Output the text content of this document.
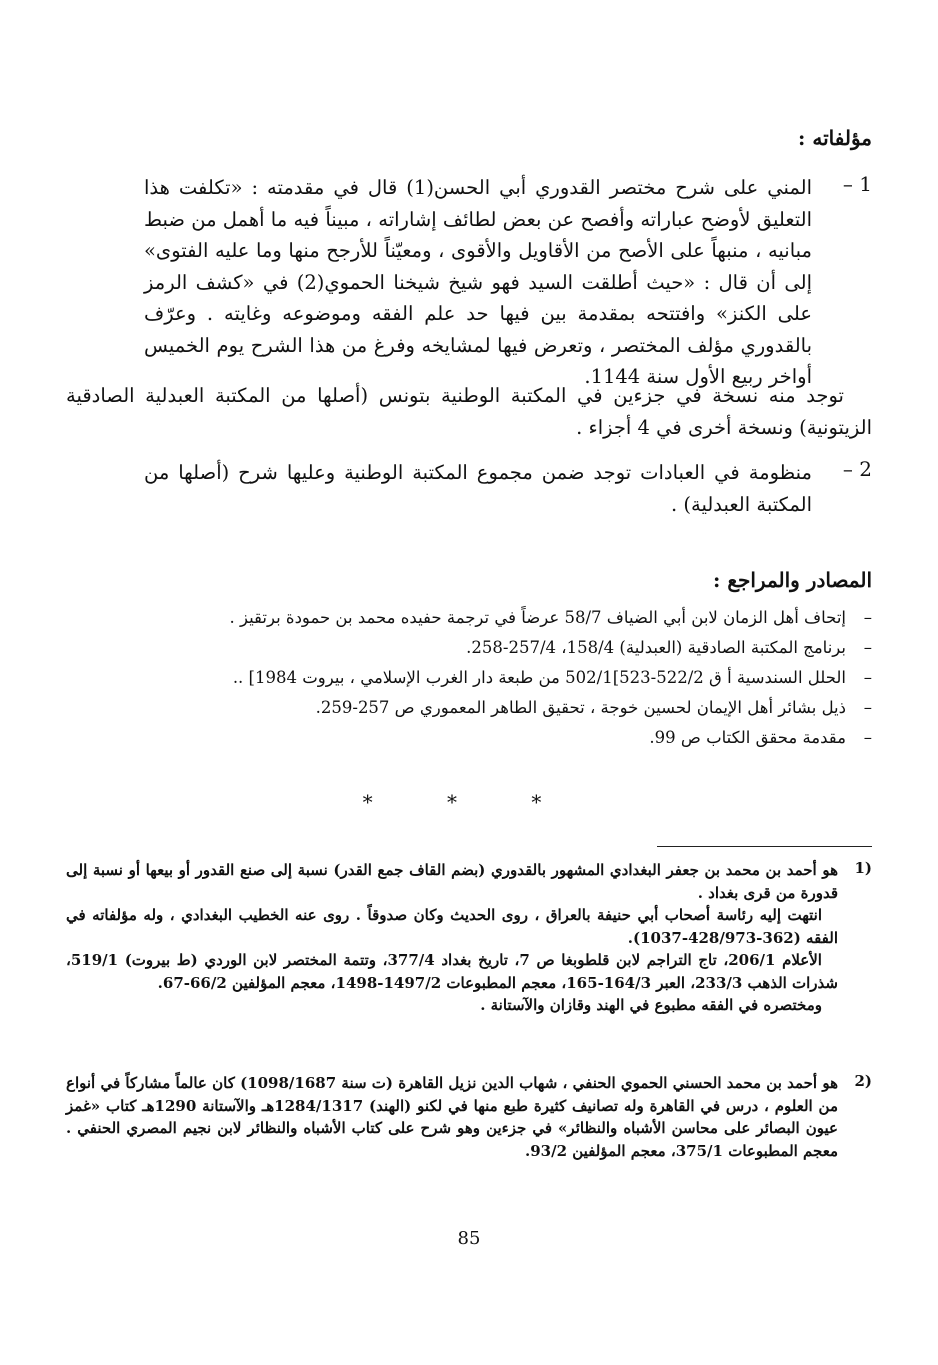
مؤلفاته :
1 –
المني على شرح مختصر القدوري أبي الحسن(1) قال في مقدمته : «تكلفت هذا التعليق لأوضح عباراته وأفصح عن بعض لطائف إشاراته ، مبيناً فيه ما أهمل من ضبط مبانيه ، منبهاً على الأصح من الأقاويل والأقوى ، ومعيّناً للأرجح منها وما عليه الفتوى» إلى أن قال : «حيث أطلقت السيد فهو شيخ شيخنا الحموي(2) في «كشف الرمز على الكنز» وافتتحه بمقدمة بين فيها حد علم الفقه وموضوعه وغايته . وعرّف بالقدوري مؤلف المختصر ، وتعرض فيها لمشايخه وفرغ من هذا الشرح يوم الخميس أواخر ربيع الأول سنة 1144.
توجد منه نسخة في جزءين في المكتبة الوطنية بتونس (أصلها من المكتبة العبدلية الصادقية الزيتونية) ونسخة أخرى في 4 أجزاء .
2 –
منظومة في العبادات توجد ضمن مجموع المكتبة الوطنية وعليها شرح (أصلها من المكتبة العبدلية) .
المصادر والمراجع :
–إتحاف أهل الزمان لابن أبي الضياف 58/7 عرضاً في ترجمة حفيده محمد بن حمودة برتقيز .
–برنامج المكتبة الصادقية (العبدلية) 158/4، 257/4-258.
–الحلل السندسية أ ق 522/2-523]502/1 من طبعة دار الغرب الإسلامي ، بيروت 1984] ..
–ذيل بشائر أهل الإيمان لحسين خوجة ، تحقيق الطاهر المعموري ص 257-259.
–مقدمة محقق الكتاب ص 99.
* * *
(1
هو أحمد بن محمد بن جعفر البغدادي المشهور بالقدوري (بضم القاف جمع القدر) نسبة إلى صنع القدور أو بيعها أو نسبة إلى قدورة من قرى بغداد .
انتهت إليه رئاسة أصحاب أبي حنيفة بالعراق ، روى الحديث وكان صدوقاً . روى عنه الخطيب البغدادي ، وله مؤلفاته في الفقه (362-428/973-1037).
الأعلام 206/1، تاج التراجم لابن قلطوبغا ص 7، تاريخ بغداد 377/4، وتتمة المختصر لابن الوردي (ط بيروت) 519/1، شذرات الذهب 233/3، العبر 164/3-165، معجم المطبوعات 1497/2-1498، معجم المؤلفين 66/2-67.
ومختصره في الفقه مطبوع في الهند وقازان والآستانة .
(2
هو أحمد بن محمد الحسني الحموي الحنفي ، شهاب الدين نزيل القاهرة (ت سنة 1098/1687) كان عالماً مشاركاً في أنواع من العلوم ، درس في القاهرة وله تصانيف كثيرة طبع منها في لكنو (الهند) 1284/1317هـ والآستانة 1290هـ كتاب «غمز عيون البصائر على محاسن الأشباه والنظائر» في جزءين وهو شرح على كتاب الأشباه والنظائر لابن نجيم المصري الحنفي . معجم المطبوعات 375/1، معجم المؤلفين 93/2.
85
